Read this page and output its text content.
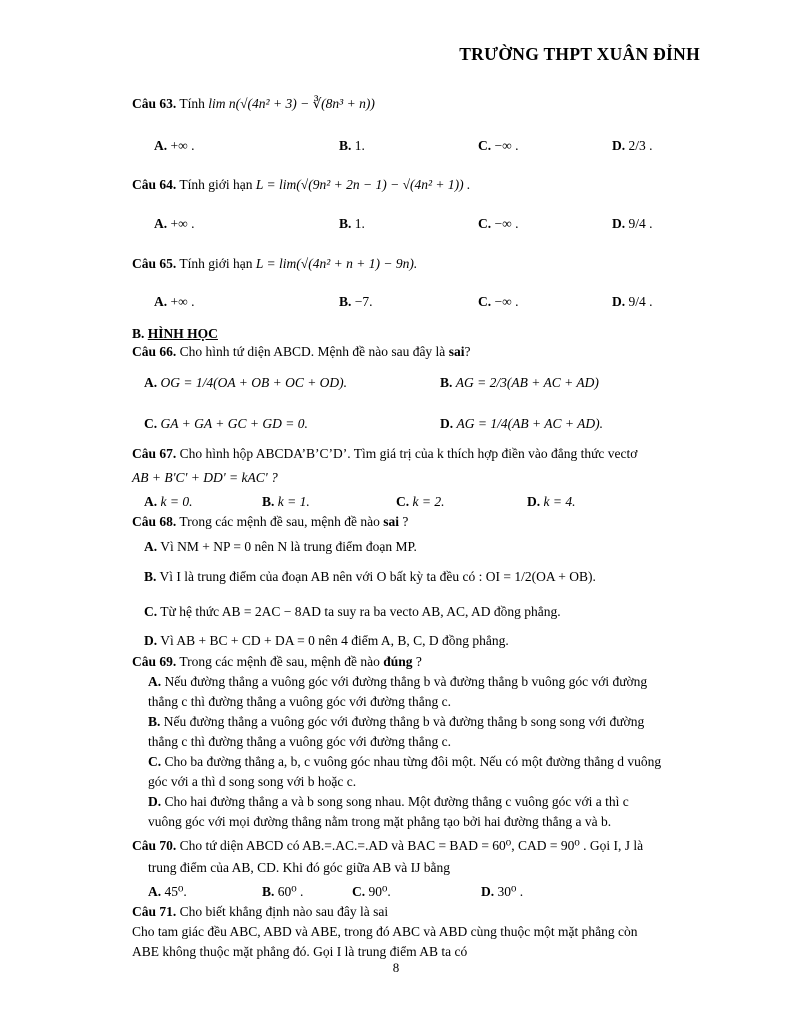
TRƯỜNG THPT XUÂN ĐỈNH
Câu 63. Tính lim n(√(4n² + 3) − ∛(8n³ + n))
A. +∞ .	B. 1.	C. −∞ .	D. 2/3 .
Câu 64. Tính giới hạn L = lim(√(9n² + 2n − 1) − √(4n² + 1)) .
A. +∞ .	B. 1.	C. −∞ .	D. 9/4 .
Câu 65. Tính giới hạn L = lim(√(4n² + n + 1) − 9n).
A. +∞ .	B. −7.	C. −∞ .	D. 9/4 .
B. HÌNH HỌC
Câu 66. Cho hình tứ diện ABCD. Mệnh đề nào sau đây là sai?
A. OG = 1/4(OA + OB + OC + OD).	B. AG = 2/3(AB + AC + AD)
C. GA + GA + GC + GD = 0.	D. AG = 1/4(AB + AC + AD).
Câu 67. Cho hình hộp ABCDA’B’C’D’. Tìm giá trị của k thích hợp điền vào đẳng thức vectơ
AB + B'C' + DD' = kAC' ?
A. k = 0.	B. k = 1.	C. k = 2.	D. k = 4.
Câu 68. Trong các mệnh đề sau, mệnh đề nào sai ?
A. Vì NM + NP = 0 nên N là trung điểm đoạn MP.
B. Vì I là trung điểm của đoạn AB nên với O bất kỳ ta đều có : OI = 1/2(OA + OB).
C. Từ hệ thức AB = 2AC − 8AD ta suy ra ba vecto AB, AC, AD đồng phẳng.
D. Vì AB + BC + CD + DA = 0 nên 4 điểm A, B, C, D đồng phẳng.
Câu 69. Trong các mệnh đề sau, mệnh đề nào đúng ?
A. Nếu đường thẳng a vuông góc với đường thẳng b và đường thẳng b vuông góc với đường
thẳng c thì đường thẳng a vuông góc với đường thẳng c.
B. Nếu đường thẳng a vuông góc với đường thẳng b và đường thẳng b song song với đường
thẳng c thì đường thẳng a vuông góc với đường thẳng c.
C. Cho ba đường thẳng a, b, c vuông góc nhau từng đôi một. Nếu có một đường thẳng d vuông
góc với a thì d song song với b hoặc c.
D. Cho hai đường thẳng a và b song song nhau. Một đường thẳng c vuông góc với a thì c
vuông góc với mọi đường thẳng nằm trong mặt phẳng tạo bởi hai đường thẳng a và b.
Câu 70. Cho tứ diện ABCD có AB.=.AC.=.AD và BAC = BAD = 60⁰, CAD = 90⁰ . Gọi I, J là
trung điểm của AB, CD. Khi đó góc giữa AB và IJ bằng
A. 45⁰.	B. 60⁰ .	C. 90⁰.	D. 30⁰ .
Câu 71. Cho biết khẳng định nào sau đây là sai
Cho tam giác đều ABC, ABD và ABE, trong đó ABC và ABD cùng thuộc một mặt phẳng còn
ABE không thuộc mặt phẳng đó. Gọi I là trung điểm AB ta có
8
